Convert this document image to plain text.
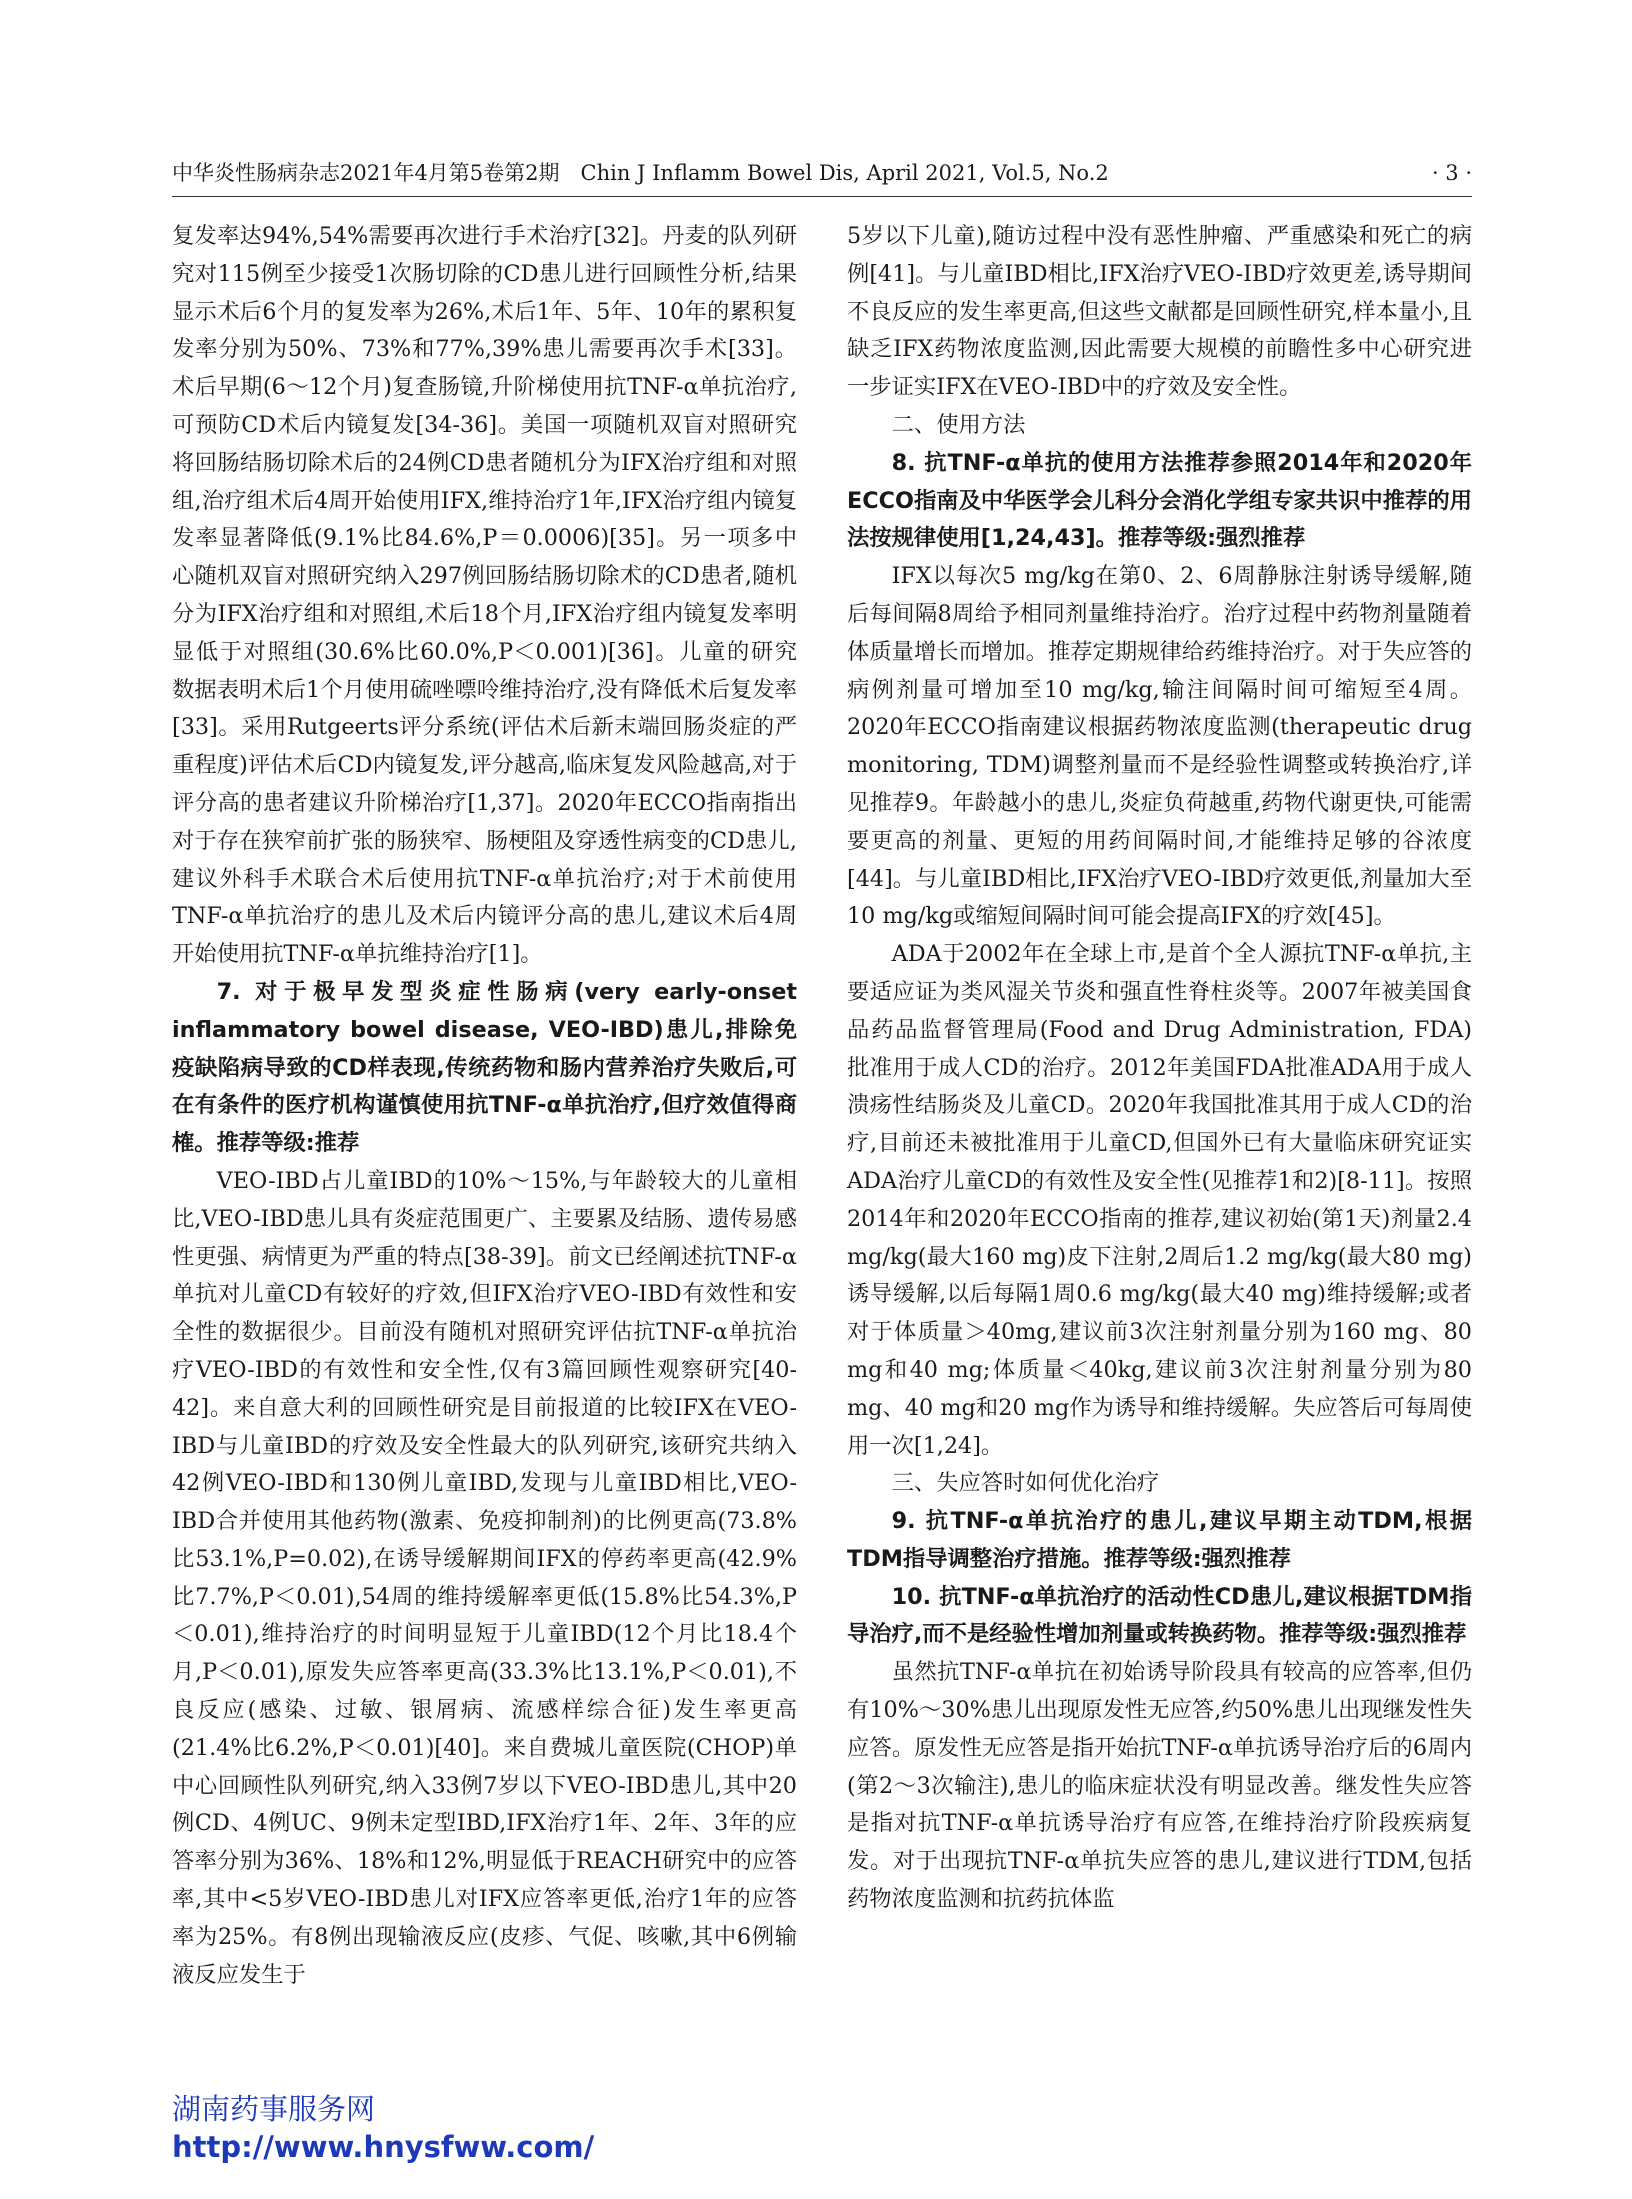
中华炎性肠病杂志2021年4月第5卷第2期　Chin J Inflamm Bowel Dis, April 2021, Vol.5, No.2	· 3 ·

复发率达94%,54%需要再次进行手术治疗[32]。丹麦的队列研究对115例至少接受1次肠切除的CD患儿进行回顾性分析,结果显示术后6个月的复发率为26%,术后1年、5年、10年的累积复发率分别为50%、73%和77%,39%患儿需要再次手术[33]。术后早期(6～12个月)复查肠镜,升阶梯使用抗TNF-α单抗治疗,可预防CD术后内镜复发[34-36]。美国一项随机双盲对照研究将回肠结肠切除术后的24例CD患者随机分为IFX治疗组和对照组,治疗组术后4周开始使用IFX,维持治疗1年,IFX治疗组内镜复发率显著降低(9.1%比84.6%,P＝0.0006)[35]。另一项多中心随机双盲对照研究纳入297例回肠结肠切除术的CD患者,随机分为IFX治疗组和对照组,术后18个月,IFX治疗组内镜复发率明显低于对照组(30.6%比60.0%,P＜0.001)[36]。儿童的研究数据表明术后1个月使用硫唑嘌呤维持治疗,没有降低术后复发率[33]。采用Rutgeerts评分系统(评估术后新末端回肠炎症的严重程度)评估术后CD内镜复发,评分越高,临床复发风险越高,对于评分高的患者建议升阶梯治疗[1,37]。2020年ECCO指南指出对于存在狭窄前扩张的肠狭窄、肠梗阻及穿透性病变的CD患儿,建议外科手术联合术后使用抗TNF-α单抗治疗;对于术前使用TNF-α单抗治疗的患儿及术后内镜评分高的患儿,建议术后4周开始使用抗TNF-α单抗维持治疗[1]。

7. 对于极早发型炎症性肠病(very early-onset inflammatory bowel disease, VEO-IBD)患儿,排除免疫缺陷病导致的CD样表现,传统药物和肠内营养治疗失败后,可在有条件的医疗机构谨慎使用抗TNF-α单抗治疗,但疗效值得商榷。推荐等级:推荐

VEO-IBD占儿童IBD的10%～15%,与年龄较大的儿童相比,VEO-IBD患儿具有炎症范围更广、主要累及结肠、遗传易感性更强、病情更为严重的特点[38-39]。前文已经阐述抗TNF-α单抗对儿童CD有较好的疗效,但IFX治疗VEO-IBD有效性和安全性的数据很少。目前没有随机对照研究评估抗TNF-α单抗治疗VEO-IBD的有效性和安全性,仅有3篇回顾性观察研究[40-42]。来自意大利的回顾性研究是目前报道的比较IFX在VEO-IBD与儿童IBD的疗效及安全性最大的队列研究,该研究共纳入42例VEO-IBD和130例儿童IBD,发现与儿童IBD相比,VEO-IBD合并使用其他药物(激素、免疫抑制剂)的比例更高(73.8%比53.1%,P=0.02),在诱导缓解期间IFX的停药率更高(42.9%比7.7%,P＜0.01),54周的维持缓解率更低(15.8%比54.3%,P＜0.01),维持治疗的时间明显短于儿童IBD(12个月比18.4个月,P＜0.01),原发失应答率更高(33.3%比13.1%,P＜0.01),不良反应(感染、过敏、银屑病、流感样综合征)发生率更高(21.4%比6.2%,P＜0.01)[40]。来自费城儿童医院(CHOP)单中心回顾性队列研究,纳入33例7岁以下VEO-IBD患儿,其中20例CD、4例UC、9例未定型IBD,IFX治疗1年、2年、3年的应答率分别为36%、18%和12%,明显低于REACH研究中的应答率,其中<5岁VEO-IBD患儿对IFX应答率更低,治疗1年的应答率为25%。有8例出现输液反应(皮疹、气促、咳嗽,其中6例输液反应发生于

5岁以下儿童),随访过程中没有恶性肿瘤、严重感染和死亡的病例[41]。与儿童IBD相比,IFX治疗VEO-IBD疗效更差,诱导期间不良反应的发生率更高,但这些文献都是回顾性研究,样本量小,且缺乏IFX药物浓度监测,因此需要大规模的前瞻性多中心研究进一步证实IFX在VEO-IBD中的疗效及安全性。

二、使用方法

8. 抗TNF-α单抗的使用方法推荐参照2014年和2020年ECCO指南及中华医学会儿科分会消化学组专家共识中推荐的用法按规律使用[1,24,43]。推荐等级:强烈推荐

IFX以每次5 mg/kg在第0、2、6周静脉注射诱导缓解,随后每间隔8周给予相同剂量维持治疗。治疗过程中药物剂量随着体质量增长而增加。推荐定期规律给药维持治疗。对于失应答的病例剂量可增加至10 mg/kg,输注间隔时间可缩短至4周。2020年ECCO指南建议根据药物浓度监测(therapeutic drug monitoring, TDM)调整剂量而不是经验性调整或转换治疗,详见推荐9。年龄越小的患儿,炎症负荷越重,药物代谢更快,可能需要更高的剂量、更短的用药间隔时间,才能维持足够的谷浓度[44]。与儿童IBD相比,IFX治疗VEO-IBD疗效更低,剂量加大至10 mg/kg或缩短间隔时间可能会提高IFX的疗效[45]。

ADA于2002年在全球上市,是首个全人源抗TNF-α单抗,主要适应证为类风湿关节炎和强直性脊柱炎等。2007年被美国食品药品监督管理局(Food and Drug Administration, FDA)批准用于成人CD的治疗。2012年美国FDA批准ADA用于成人溃疡性结肠炎及儿童CD。2020年我国批准其用于成人CD的治疗,目前还未被批准用于儿童CD,但国外已有大量临床研究证实ADA治疗儿童CD的有效性及安全性(见推荐1和2)[8-11]。按照2014年和2020年ECCO指南的推荐,建议初始(第1天)剂量2.4 mg/kg(最大160 mg)皮下注射,2周后1.2 mg/kg(最大80 mg)诱导缓解,以后每隔1周0.6 mg/kg(最大40 mg)维持缓解;或者对于体质量＞40mg,建议前3次注射剂量分别为160 mg、80 mg和40 mg;体质量＜40kg,建议前3次注射剂量分别为80 mg、40 mg和20 mg作为诱导和维持缓解。失应答后可每周使用一次[1,24]。

三、失应答时如何优化治疗

9. 抗TNF-α单抗治疗的患儿,建议早期主动TDM,根据TDM指导调整治疗措施。推荐等级:强烈推荐

10. 抗TNF-α单抗治疗的活动性CD患儿,建议根据TDM指导治疗,而不是经验性增加剂量或转换药物。推荐等级:强烈推荐

虽然抗TNF-α单抗在初始诱导阶段具有较高的应答率,但仍有10%～30%患儿出现原发性无应答,约50%患儿出现继发性失应答。原发性无应答是指开始抗TNF-α单抗诱导治疗后的6周内(第2～3次输注),患儿的临床症状没有明显改善。继发性失应答是指对抗TNF-α单抗诱导治疗有应答,在维持治疗阶段疾病复发。对于出现抗TNF-α单抗失应答的患儿,建议进行TDM,包括药物浓度监测和抗药抗体监

湖南药事服务网
http://www.hnysfww.com/
